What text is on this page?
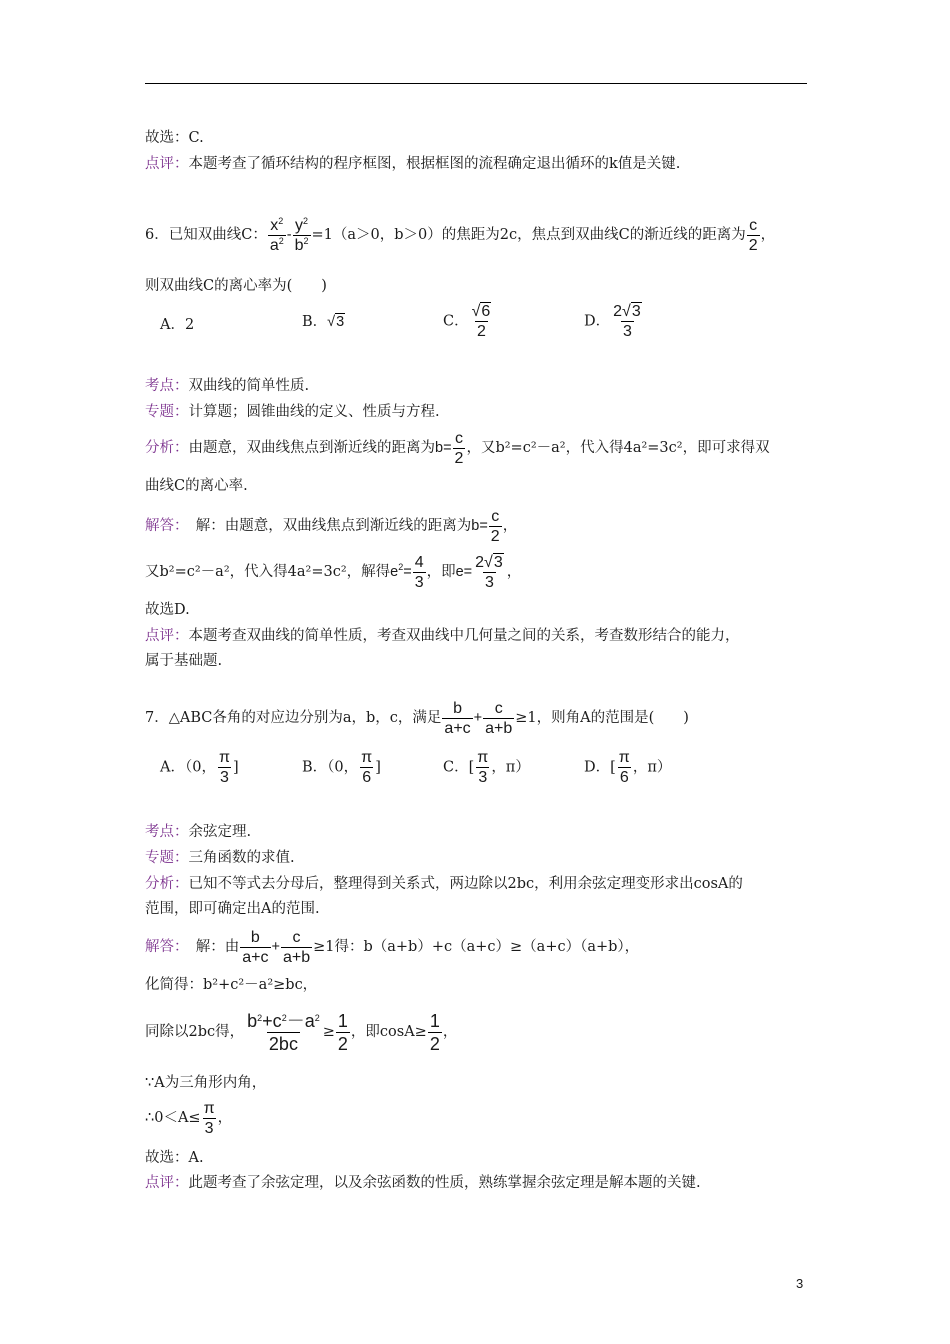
故选：C.
点评：本题考查了循环结构的程序框图，根据框图的流程确定退出循环的k值是关键.
6．已知双曲线C： $\frac{x^2}{a^2} - \frac{y^2}{b^2} =1(a>0$，b＞0）的焦距为2c，焦点到双曲线C的渐近线的距离为 $\frac{c}{2}$ ，
则双曲线C的离心率为(　　)
A．2	B．√3	C． $\frac{√6}{2}$	D． $\frac{2√3}{3}$
考点：双曲线的简单性质.
专题：计算题；圆锥曲线的定义、性质与方程.
分析：由题意，双曲线焦点到渐近线的距离为$b= \frac{c}{2}$ ，又b²=c²－a²，代入得4a²=3c²，即可求得双
曲线C的离心率.
解答：　解：由题意，双曲线焦点到渐近线的距离为$b= \frac{c}{2}$ ，
又b²=c²－a²，代入得4a²=3c²，解得$e^2= \frac{4}{3}$ ，即$e= \frac{2√3}{3}$ ，
故选D.
点评：本题考查双曲线的简单性质，考查双曲线中几何量之间的关系，考查数形结合的能力，
属于基础题.
7．△ABC各角的对应边分别为a，b，c，满足 $\frac{b}{a+c} + \frac{c}{a+b} \ge 1$，则角A的范围是(　　)
A．（0， $\frac{\pi}{3}$ ]	B．（0， $\frac{\pi}{6}$ ]	C．[ $\frac{\pi}{3}$ ，π）	D．[ $\frac{\pi}{6}$ ，π）
考点：余弦定理.
专题：三角函数的求值.
分析：已知不等式去分母后，整理得到关系式，两边除以2bc，利用余弦定理变形求出cosA的
范围，即可确定出A的范围.
解答：　解：由 $\frac{b}{a+c} + \frac{c}{a+b} \ge 1$得：b（a+b）+c（a+c）≥（a+c）（a+b），
化简得：b²+c²－a²≥bc，
同除以2bc得， $\frac{b^2+c^2-a^2}{2bc} \ge \frac{1}{2}$ ，即$\cos A\ge \frac{1}{2}$ ，
∵A为三角形内角，
∴0＜A≤ $\frac{\pi}{3}$ ，
故选：A.
点评：此题考查了余弦定理，以及余弦函数的性质，熟练掌握余弦定理是解本题的关键.
3
